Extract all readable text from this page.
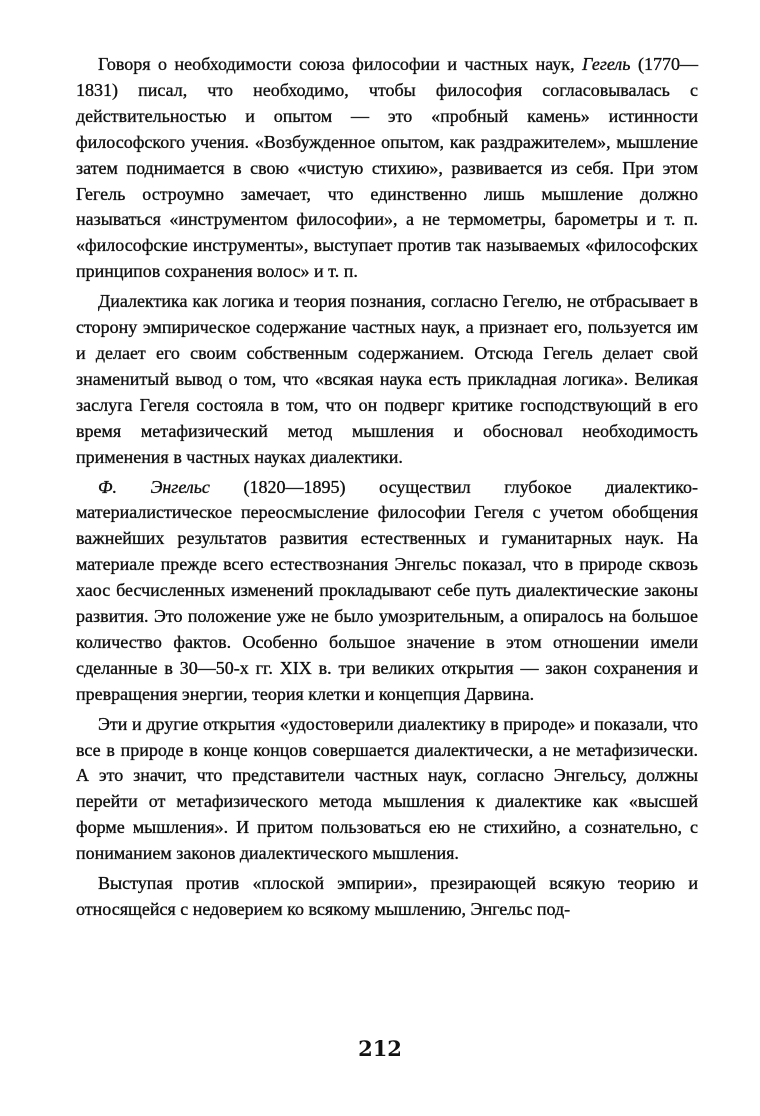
Говоря о необходимости союза философии и частных наук, Гегель (1770—1831) писал, что необходимо, чтобы философия согласовывалась с действительностью и опытом — это «пробный камень» истинности философского учения. «Возбужденное опытом, как раздражителем», мышление затем поднимается в свою «чистую стихию», развивается из себя. При этом Гегель остроумно замечает, что единственно лишь мышление должно называться «инструментом философии», а не термометры, барометры и т. п. «философские инструменты», выступает против так называемых «философских принципов сохранения волос» и т. п.

Диалектика как логика и теория познания, согласно Гегелю, не отбрасывает в сторону эмпирическое содержание частных наук, а признает его, пользуется им и делает его своим собственным содержанием. Отсюда Гегель делает свой знаменитый вывод о том, что «всякая наука есть прикладная логика». Великая заслуга Гегеля состояла в том, что он подверг критике господствующий в его время метафизический метод мышления и обосновал необходимость применения в частных науках диалектики.

Ф. Энгельс (1820—1895) осуществил глубокое диалектико-материалистическое переосмысление философии Гегеля с учетом обобщения важнейших результатов развития естественных и гуманитарных наук. На материале прежде всего естествознания Энгельс показал, что в природе сквозь хаос бесчисленных изменений прокладывают себе путь диалектические законы развития. Это положение уже не было умозрительным, а опиралось на большое количество фактов. Особенно большое значение в этом отношении имели сделанные в 30—50-х гг. XIX в. три великих открытия — закон сохранения и превращения энергии, теория клетки и концепция Дарвина.

Эти и другие открытия «удостоверили диалектику в природе» и показали, что все в природе в конце концов совершается диалектически, а не метафизически. А это значит, что представители частных наук, согласно Энгельсу, должны перейти от метафизического метода мышления к диалектике как «высшей форме мышления». И притом пользоваться ею не стихийно, а сознательно, с пониманием законов диалектического мышления.

Выступая против «плоской эмпирии», презирающей всякую теорию и относящейся с недоверием ко всякому мышлению, Энгельс под-

212
